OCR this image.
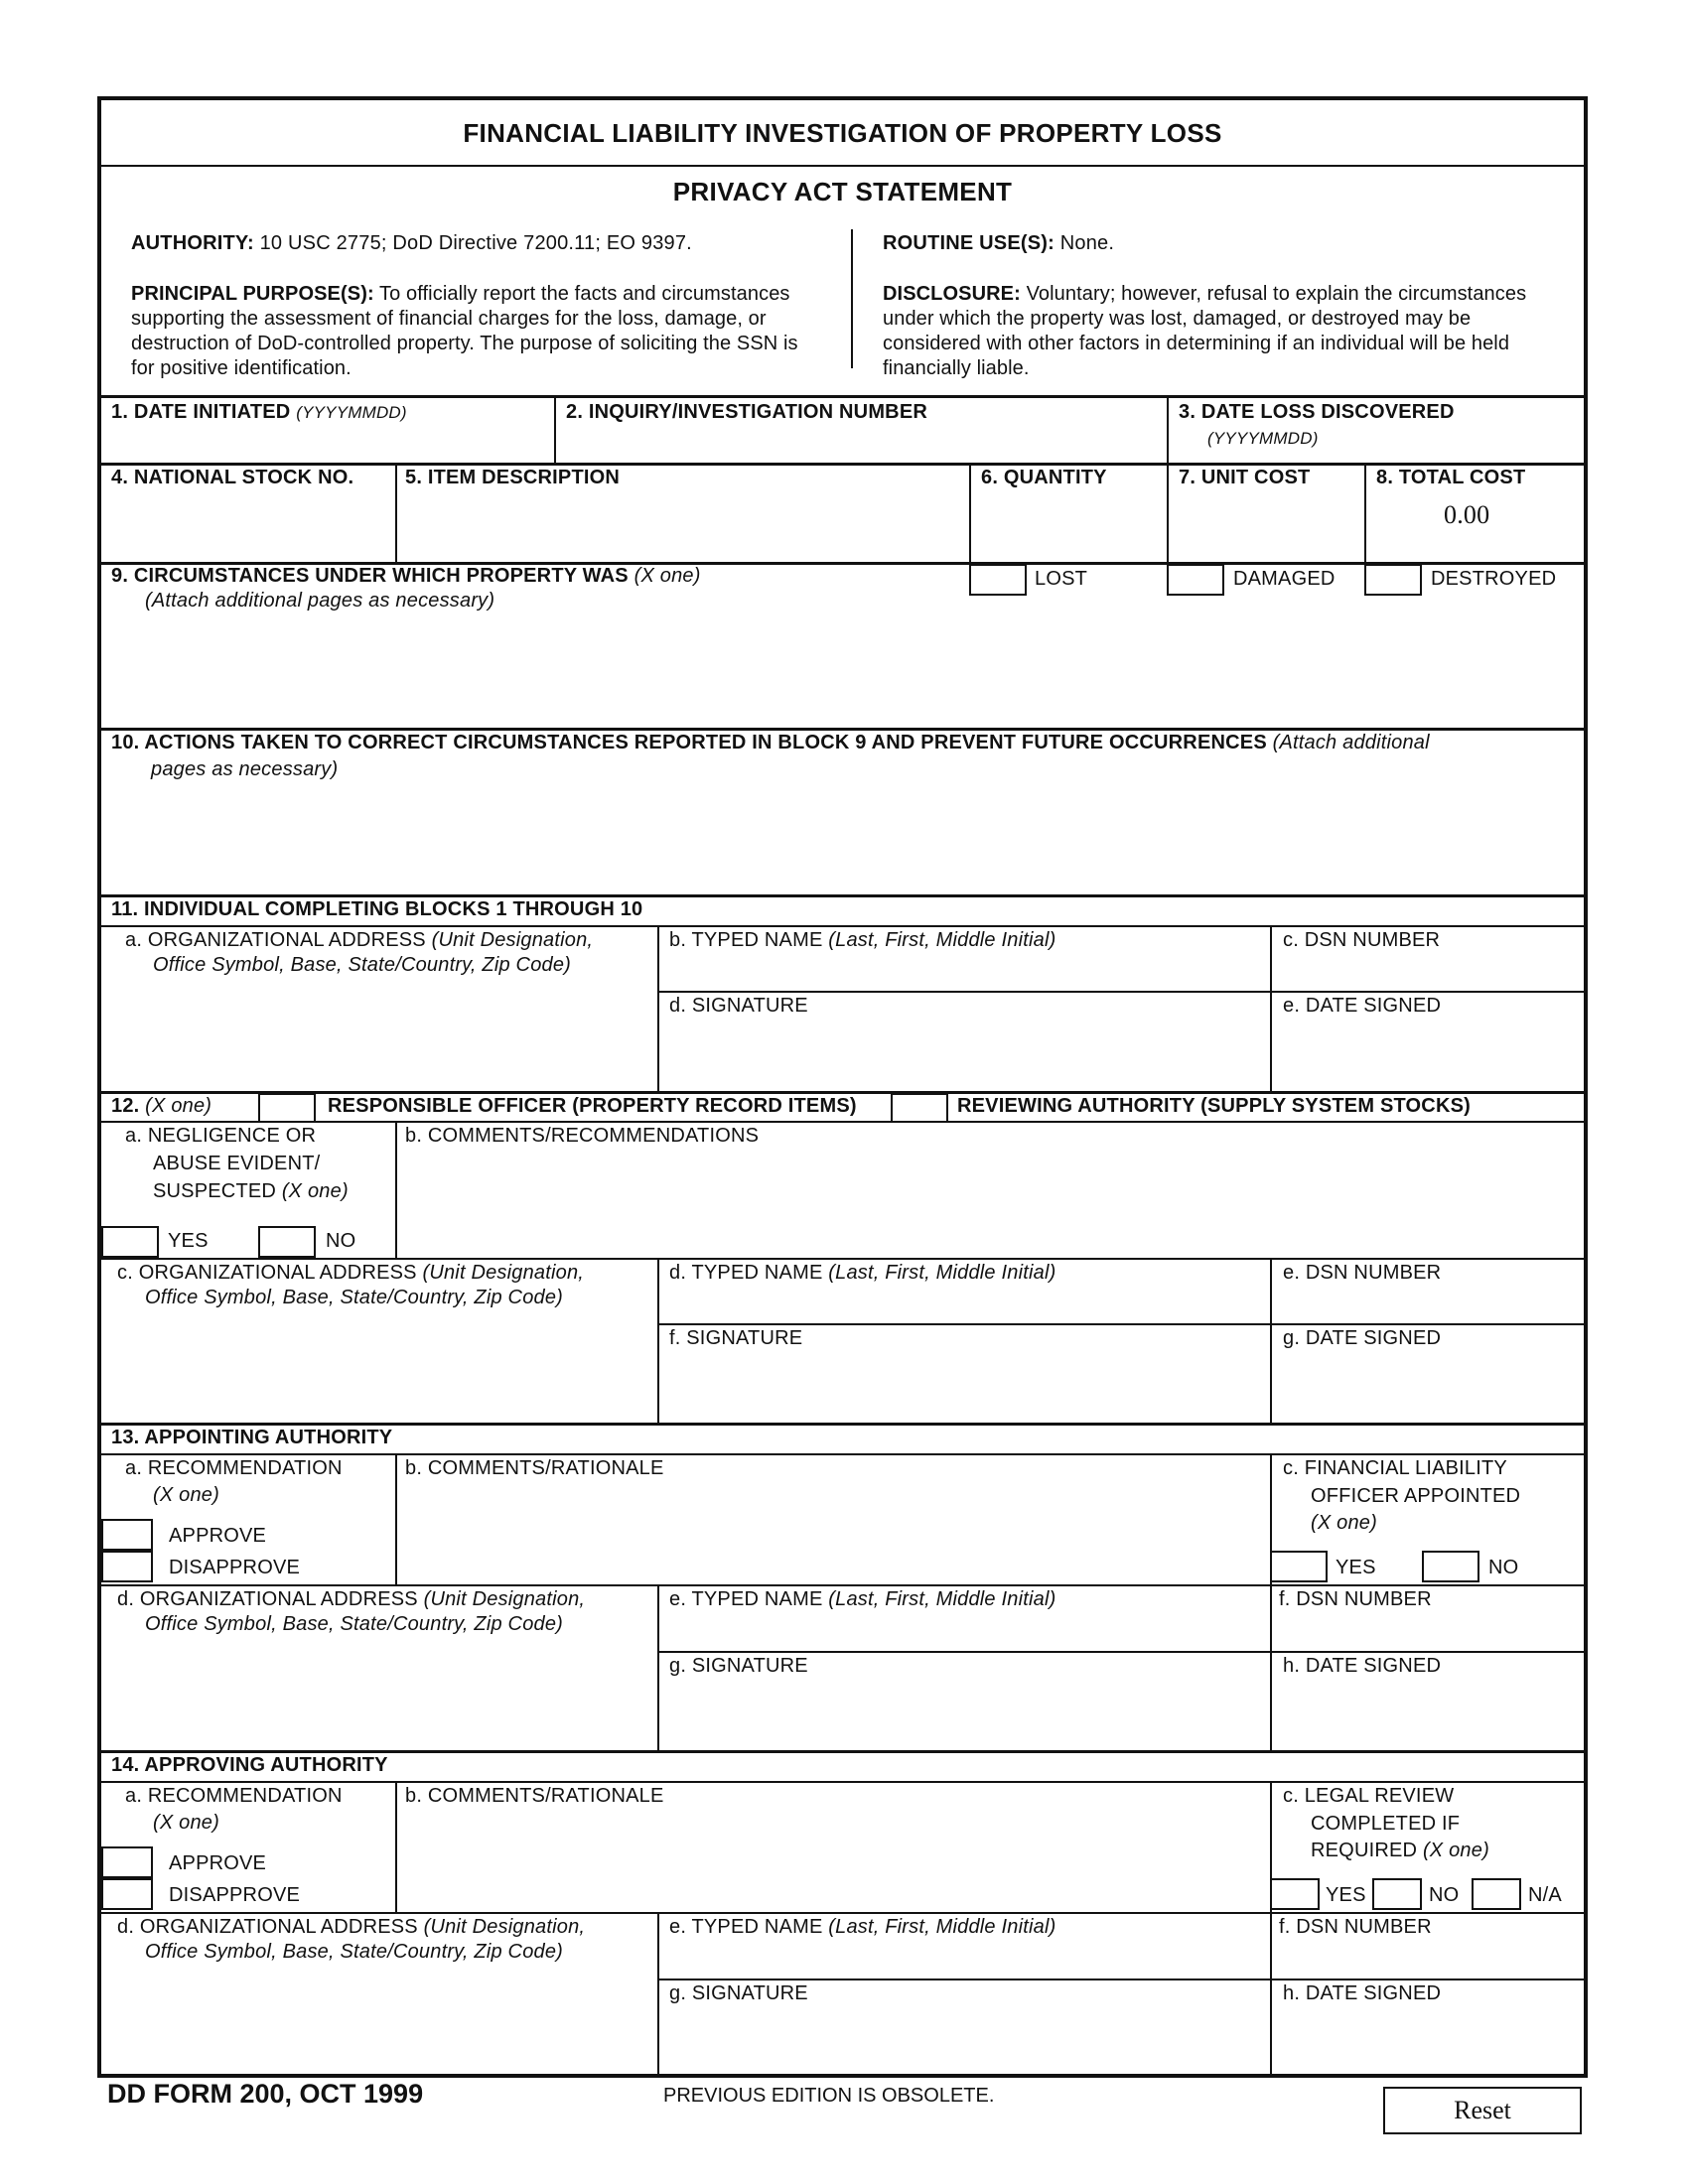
FINANCIAL LIABILITY INVESTIGATION OF PROPERTY LOSS
PRIVACY ACT STATEMENT
AUTHORITY: 10 USC 2775; DoD Directive 7200.11; EO 9397.
PRINCIPAL PURPOSE(S): To officially report the facts and circumstances supporting the assessment of financial charges for the loss, damage, or destruction of DoD-controlled property. The purpose of soliciting the SSN is for positive identification.
ROUTINE USE(S): None.
DISCLOSURE: Voluntary; however, refusal to explain the circumstances under which the property was lost, damaged, or destroyed may be considered with other factors in determining if an individual will be held financially liable.
1. DATE INITIATED (YYYYMMDD)	2. INQUIRY/INVESTIGATION NUMBER	3. DATE LOSS DISCOVERED
(YYYYMMDD)
4. NATIONAL STOCK NO.	5. ITEM DESCRIPTION	6. QUANTITY	7. UNIT COST	8. TOTAL COST
0.00
9. CIRCUMSTANCES UNDER WHICH PROPERTY WAS (X one)
(Attach additional pages as necessary)
LOST	DAMAGED	DESTROYED
10. ACTIONS TAKEN TO CORRECT CIRCUMSTANCES REPORTED IN BLOCK 9 AND PREVENT FUTURE OCCURRENCES (Attach additional
pages as necessary)
11. INDIVIDUAL COMPLETING BLOCKS 1 THROUGH 10
a. ORGANIZATIONAL ADDRESS (Unit Designation,
Office Symbol, Base, State/Country, Zip Code)
b. TYPED NAME (Last, First, Middle Initial)	c. DSN NUMBER
d. SIGNATURE	e. DATE SIGNED
12. (X one)	RESPONSIBLE OFFICER (PROPERTY RECORD ITEMS)	REVIEWING AUTHORITY (SUPPLY SYSTEM STOCKS)
a. NEGLIGENCE OR
ABUSE EVIDENT/
SUSPECTED (X one)
YES	NO
b. COMMENTS/RECOMMENDATIONS
c. ORGANIZATIONAL ADDRESS (Unit Designation,
Office Symbol, Base, State/Country, Zip Code)
d. TYPED NAME (Last, First, Middle Initial)	e. DSN NUMBER
f. SIGNATURE	g. DATE SIGNED
13. APPOINTING AUTHORITY
a. RECOMMENDATION
(X one)
APPROVE
DISAPPROVE
b. COMMENTS/RATIONALE	c. FINANCIAL LIABILITY
OFFICER APPOINTED
(X one)
YES	NO
d. ORGANIZATIONAL ADDRESS (Unit Designation,
Office Symbol, Base, State/Country, Zip Code)
e. TYPED NAME (Last, First, Middle Initial)	f. DSN NUMBER
g. SIGNATURE	h. DATE SIGNED
14. APPROVING AUTHORITY
a. RECOMMENDATION
(X one)
APPROVE
DISAPPROVE
b. COMMENTS/RATIONALE	c. LEGAL REVIEW
COMPLETED IF
REQUIRED (X one)
YES	NO	N/A
d. ORGANIZATIONAL ADDRESS (Unit Designation,
Office Symbol, Base, State/Country, Zip Code)
e. TYPED NAME (Last, First, Middle Initial)	f. DSN NUMBER
g. SIGNATURE	h. DATE SIGNED
DD FORM 200, OCT 1999	PREVIOUS EDITION IS OBSOLETE.	Reset
